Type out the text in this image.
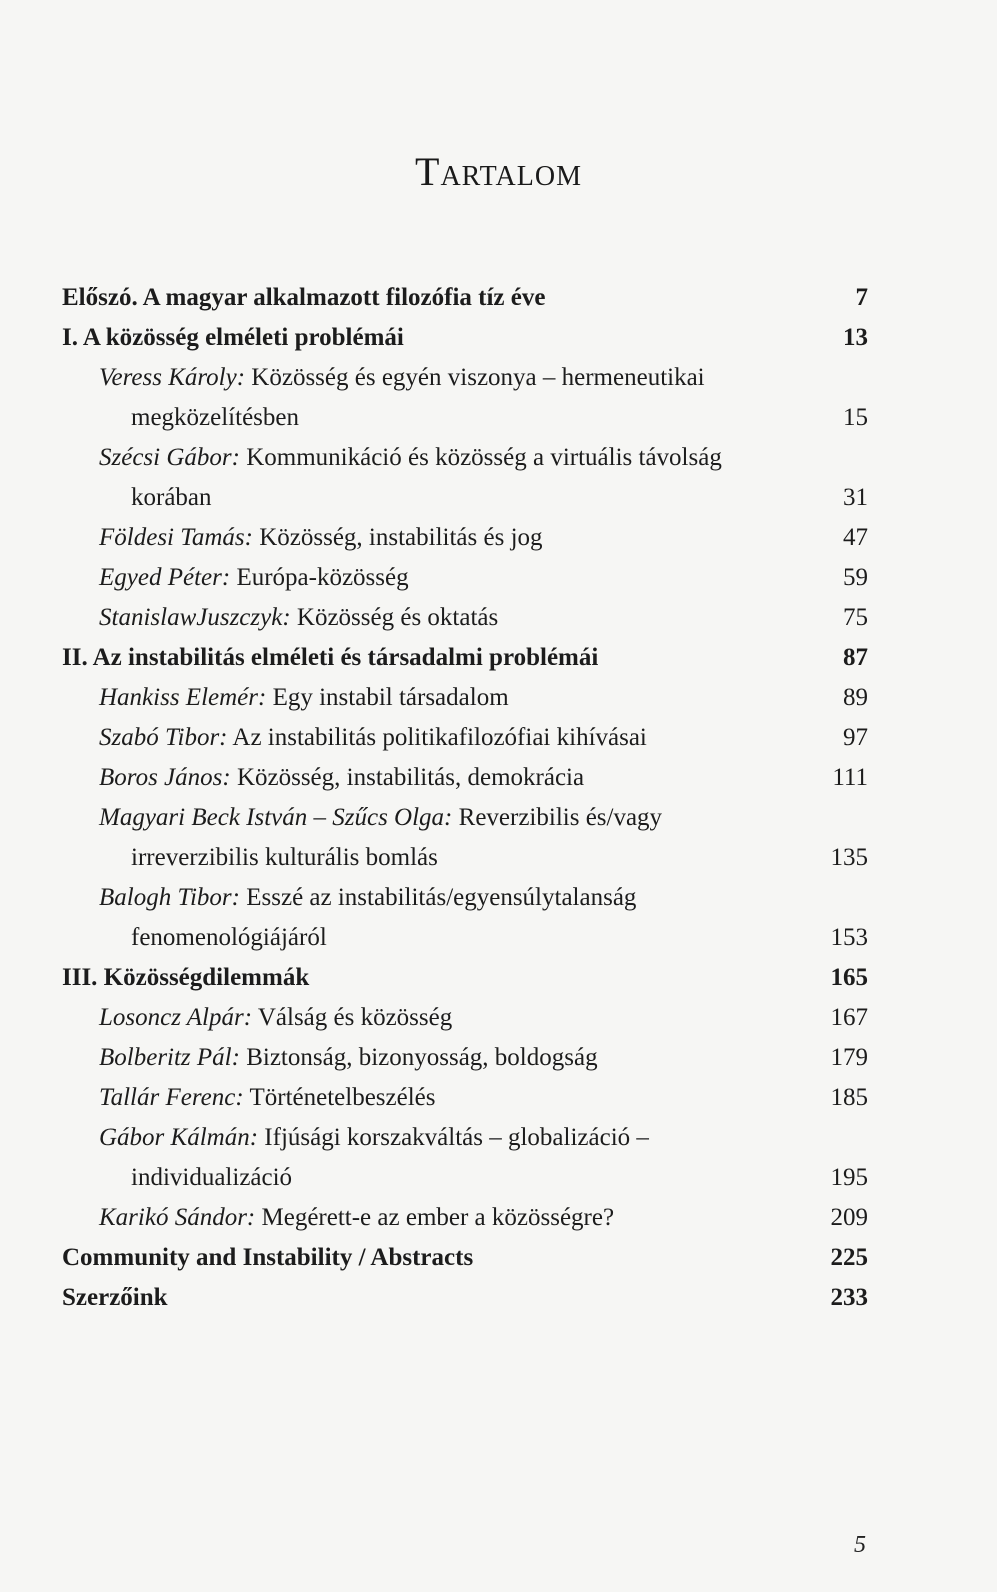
Tartalom
Előszó. A magyar alkalmazott filozófia tíz éve	7
I. A közösség elméleti problémái	13
Veress Károly: Közösség és egyén viszonya – hermeneutikai
megközelítésben	15
Szécsi Gábor: Kommunikáció és közösség a virtuális távolság
korában	31
Földesi Tamás: Közösség, instabilitás és jog	47
Egyed Péter: Európa-közösség	59
StanislawJuszczyk: Közösség és oktatás	75
II. Az instabilitás elméleti és társadalmi problémái	87
Hankiss Elemér: Egy instabil társadalom	89
Szabó Tibor: Az instabilitás politikafilozófiai kihívásai	97
Boros János: Közösség, instabilitás, demokrácia	111
Magyari Beck István – Szűcs Olga: Reverzibilis és/vagy
irreverzibilis kulturális bomlás	135
Balogh Tibor: Esszé az instabilitás/egyensúlytalanság
fenomenológiájáról	153
III. Közösségdilemmák	165
Losoncz Alpár: Válság és közösség	167
Bolberitz Pál: Biztonság, bizonyosság, boldogság	179
Tallár Ferenc: Történetelbeszélés	185
Gábor Kálmán: Ifjúsági korszakváltás – globalizáció –
individualizáció	195
Karikó Sándor: Megérett-e az ember a közösségre?	209
Community and Instability / Abstracts	225
Szerzőink	233
5
